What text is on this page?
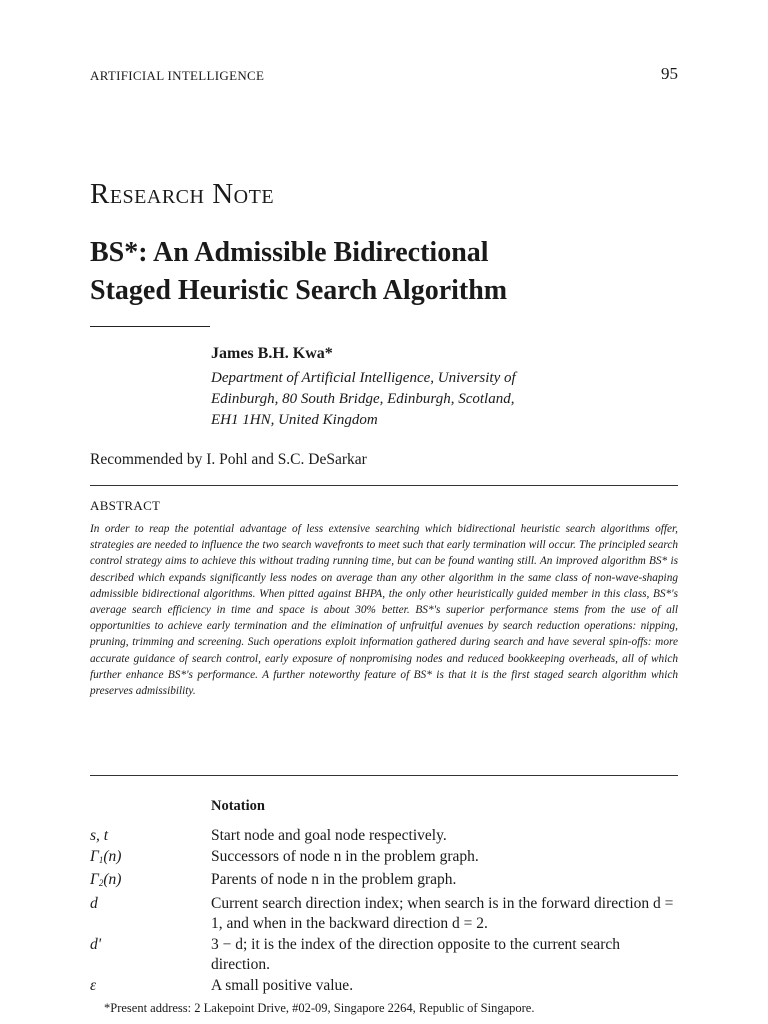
ARTIFICIAL INTELLIGENCE	95
Research Note
BS*: An Admissible Bidirectional
Staged Heuristic Search Algorithm
James B.H. Kwa*
Department of Artificial Intelligence, University of
Edinburgh, 80 South Bridge, Edinburgh, Scotland,
EH1 1HN, United Kingdom
Recommended by I. Pohl and S.C. DeSarkar
ABSTRACT
In order to reap the potential advantage of less extensive searching which bidirectional heuristic search algorithms offer, strategies are needed to influence the two search wavefronts to meet such that early termination will occur. The principled search control strategy aims to achieve this without trading running time, but can be found wanting still. An improved algorithm BS* is described which expands significantly less nodes on average than any other algorithm in the same class of non-wave-shaping admissible bidirectional algorithms. When pitted against BHPA, the only other heuristically guided member in this class, BS*'s average search efficiency in time and space is about 30% better. BS*'s superior performance stems from the use of all opportunities to achieve early termination and the elimination of unfruitful avenues by search reduction operations: nipping, pruning, trimming and screening. Such operations exploit information gathered during search and have several spin-offs: more accurate guidance of search control, early exposure of nonpromising nodes and reduced bookkeeping overheads, all of which further enhance BS*'s performance. A further noteworthy feature of BS* is that it is the first staged search algorithm which preserves admissibility.
Notation
s, t	Start node and goal node respectively.
$\Gamma_1(n)$	Successors of node n in the problem graph.
$\Gamma_2(n)$	Parents of node n in the problem graph.
d	Current search direction index; when search is in the forward direction d = 1, and when in the backward direction d = 2.
d'	3 − d; it is the index of the direction opposite to the current search direction.
ε	A small positive value.
*Present address: 2 Lakepoint Drive, #02-09, Singapore 2264, Republic of Singapore.
